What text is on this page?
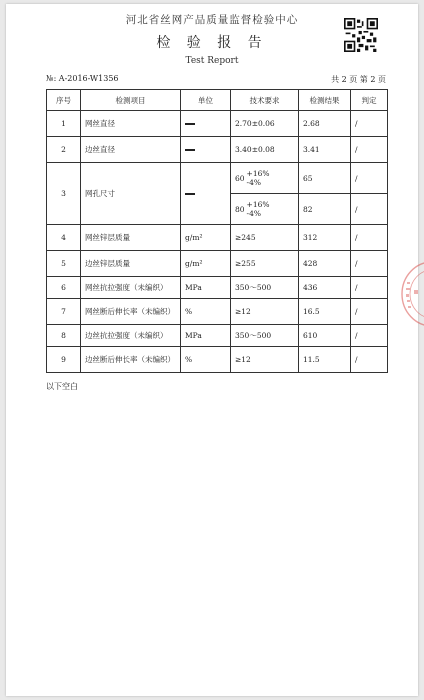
河北省丝网产品质量监督检验中心
检 验 报 告
Test Report
№: A-2016-W1356	共 2 页 第 2 页
序号	检测项目	单位	技术要求	检测结果	判定
1	网丝直径		2.70±0.06	2.68	/
2	边丝直径		3.40±0.08	3.41	/
3	网孔尺寸		60 +16%
-4%	65	/

			80 +16%
-4%	82	/
4	网丝锌层质量	g/m²	≥245	312	/
5	边丝锌层质量	g/m²	≥255	428	/
6	网丝抗拉强度（未编织）	MPa	350～500	436	/
7	网丝断后伸长率（未编织）	%	≥12	16.5	/
8	边丝抗拉强度（未编织）	MPa	350～500	610	/
9	边丝断后伸长率（未编织）	%	≥12	11.5	/
以下空白
